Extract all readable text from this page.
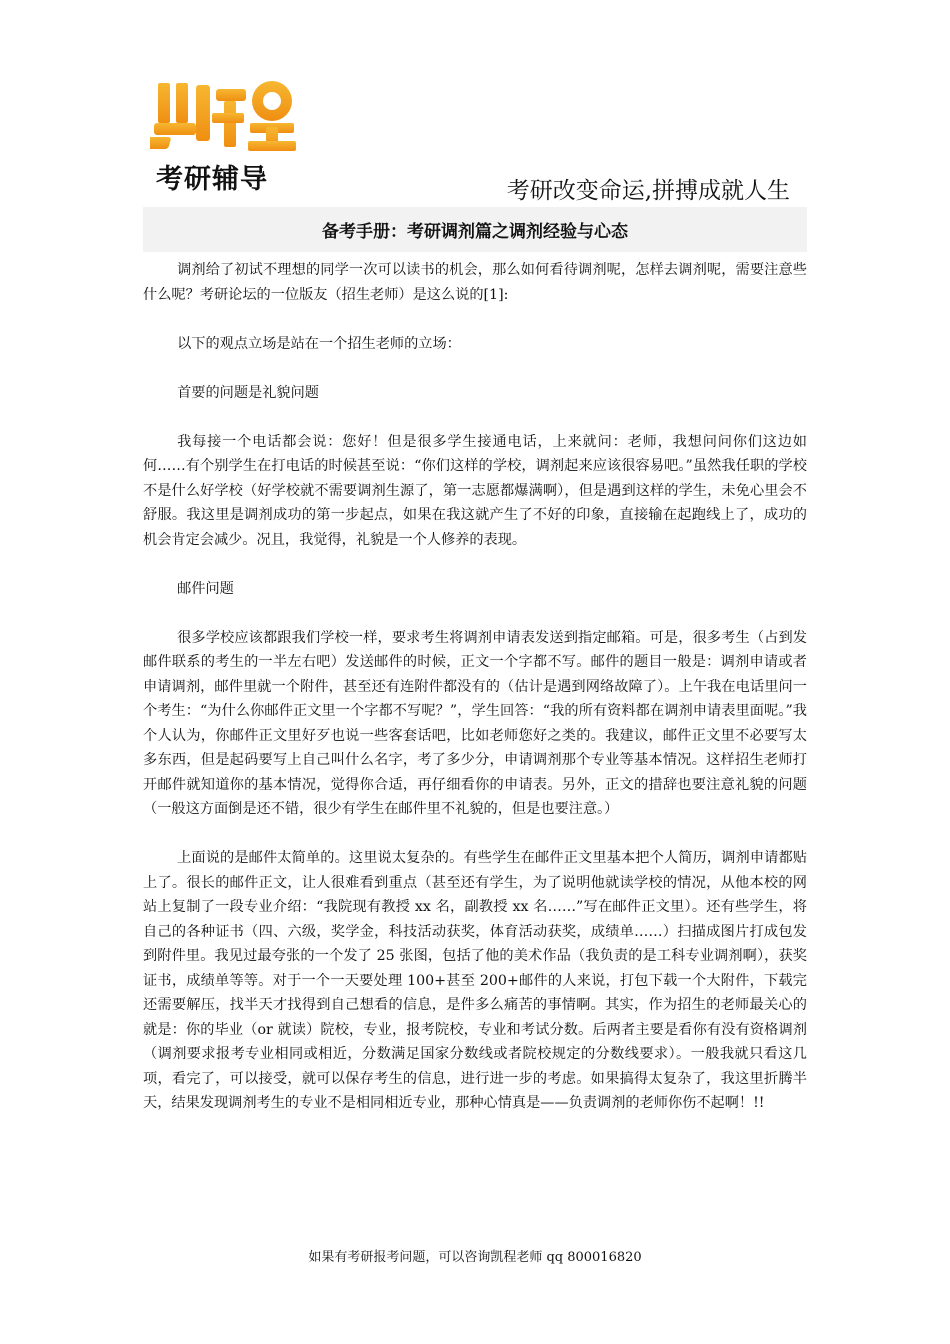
考研辅导	考研改变命运,拼搏成就人生
备考手册：考研调剂篇之调剂经验与心态

调剂给了初试不理想的同学一次可以读书的机会，那么如何看待调剂呢，怎样去调剂呢，需要注意些什么呢？考研论坛的一位版友（招生老师）是这么说的[1]:

以下的观点立场是站在一个招生老师的立场：

首要的问题是礼貌问题

我每接一个电话都会说：您好！但是很多学生接通电话，上来就问：老师，我想问问你们这边如何……有个别学生在打电话的时候甚至说：“你们这样的学校，调剂起来应该很容易吧。”虽然我任职的学校不是什么好学校（好学校就不需要调剂生源了，第一志愿都爆满啊），但是遇到这样的学生，未免心里会不舒服。我这里是调剂成功的第一步起点，如果在我这就产生了不好的印象，直接输在起跑线上了，成功的机会肯定会减少。况且，我觉得，礼貌是一个人修养的表现。

邮件问题

很多学校应该都跟我们学校一样，要求考生将调剂申请表发送到指定邮箱。可是，很多考生（占到发邮件联系的考生的一半左右吧）发送邮件的时候，正文一个字都不写。邮件的题目一般是：调剂申请或者申请调剂，邮件里就一个附件，甚至还有连附件都没有的（估计是遇到网络故障了）。上午我在电话里问一个考生：“为什么你邮件正文里一个字都不写呢？”，学生回答：“我的所有资料都在调剂申请表里面呢。”我个人认为，你邮件正文里好歹也说一些客套话吧，比如老师您好之类的。我建议，邮件正文里不必要写太多东西，但是起码要写上自己叫什么名字，考了多少分，申请调剂那个专业等基本情况。这样招生老师打开邮件就知道你的基本情况，觉得你合适，再仔细看你的申请表。另外，正文的措辞也要注意礼貌的问题（一般这方面倒是还不错，很少有学生在邮件里不礼貌的，但是也要注意。）

上面说的是邮件太简单的。这里说太复杂的。有些学生在邮件正文里基本把个人简历，调剂申请都贴上了。很长的邮件正文，让人很难看到重点（甚至还有学生，为了说明他就读学校的情况，从他本校的网站上复制了一段专业介绍：“我院现有教授 xx 名，副教授 xx 名……”写在邮件正文里）。还有些学生，将自己的各种证书（四、六级，奖学金，科技活动获奖，体育活动获奖，成绩单……）扫描成图片打成包发到附件里。我见过最夸张的一个发了 25 张图，包括了他的美术作品（我负责的是工科专业调剂啊），获奖证书，成绩单等等。对于一个一天要处理 100+甚至 200+邮件的人来说，打包下载一个大附件，下载完还需要解压，找半天才找得到自己想看的信息，是件多么痛苦的事情啊。其实，作为招生的老师最关心的就是：你的毕业（or 就读）院校，专业，报考院校，专业和考试分数。后两者主要是看你有没有资格调剂（调剂要求报考专业相同或相近，分数满足国家分数线或者院校规定的分数线要求）。一般我就只看这几项，看完了，可以接受，就可以保存考生的信息，进行进一步的考虑。如果搞得太复杂了，我这里折腾半天，结果发现调剂考生的专业不是相同相近专业，那种心情真是——负责调剂的老师你伤不起啊！!!

如果有考研报考问题，可以咨询凯程老师 qq 800016820
